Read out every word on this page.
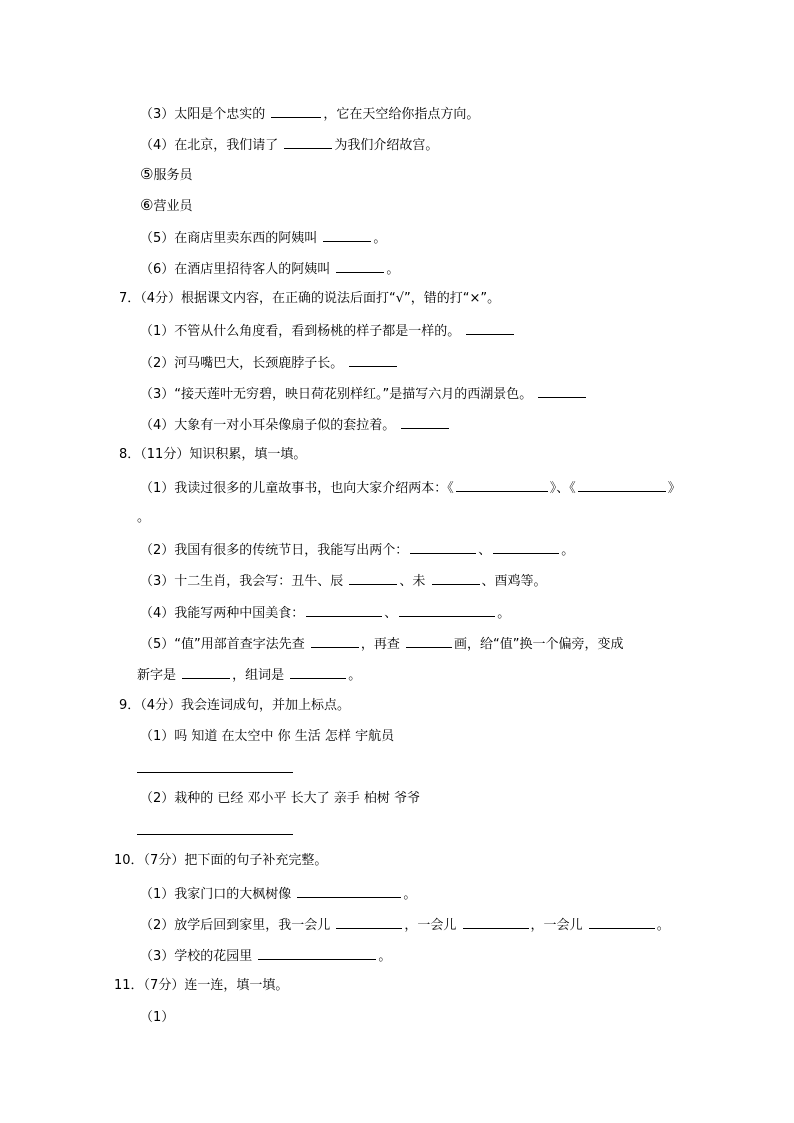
（3）太阳是个忠实的	，它在天空给你指点方向。
（4）在北京，我们请了	为我们介绍故宫。
⑤服务员
⑥营业员
（5）在商店里卖东西的阿姨叫	。
（6）在酒店里招待客人的阿姨叫	。
7．（4分）根据课文内容，在正确的说法后面打“√”，错的打“×”。
（1）不管从什么角度看，看到杨桃的样子都是一样的。
（2）河马嘴巴大，长颈鹿脖子长。
（3）“接天莲叶无穷碧，映日荷花别样红。”是描写六月的西湖景色。
（4）大象有一对小耳朵像扇子似的套拉着。
8．（11分）知识积累，填一填。
（1）我读过很多的儿童故事书，也向大家介绍两本：《	》、《	》
。
（2）我国有很多的传统节日，我能写出两个：	、	。
（3）十二生肖，我会写：丑牛、辰	、未	、酉鸡等。
（4）我能写两种中国美食：	、	。
（5）“值”用部首查字法先查	，再查	画，给“值”换一个偏旁，变成
新字是	，组词是	。
9．（4分）我会连词成句，并加上标点。
（1）吗 知道 在太空中 你 生活 怎样 宇航员
（2）栽种的 已经 邓小平 长大了 亲手 柏树 爷爷
10．（7分）把下面的句子补充完整。
（1）我家门口的大枫树像	。
（2）放学后回到家里，我一会儿	，一会儿	，一会儿	。
（3）学校的花园里	。
11．（7分）连一连，填一填。
（1）
